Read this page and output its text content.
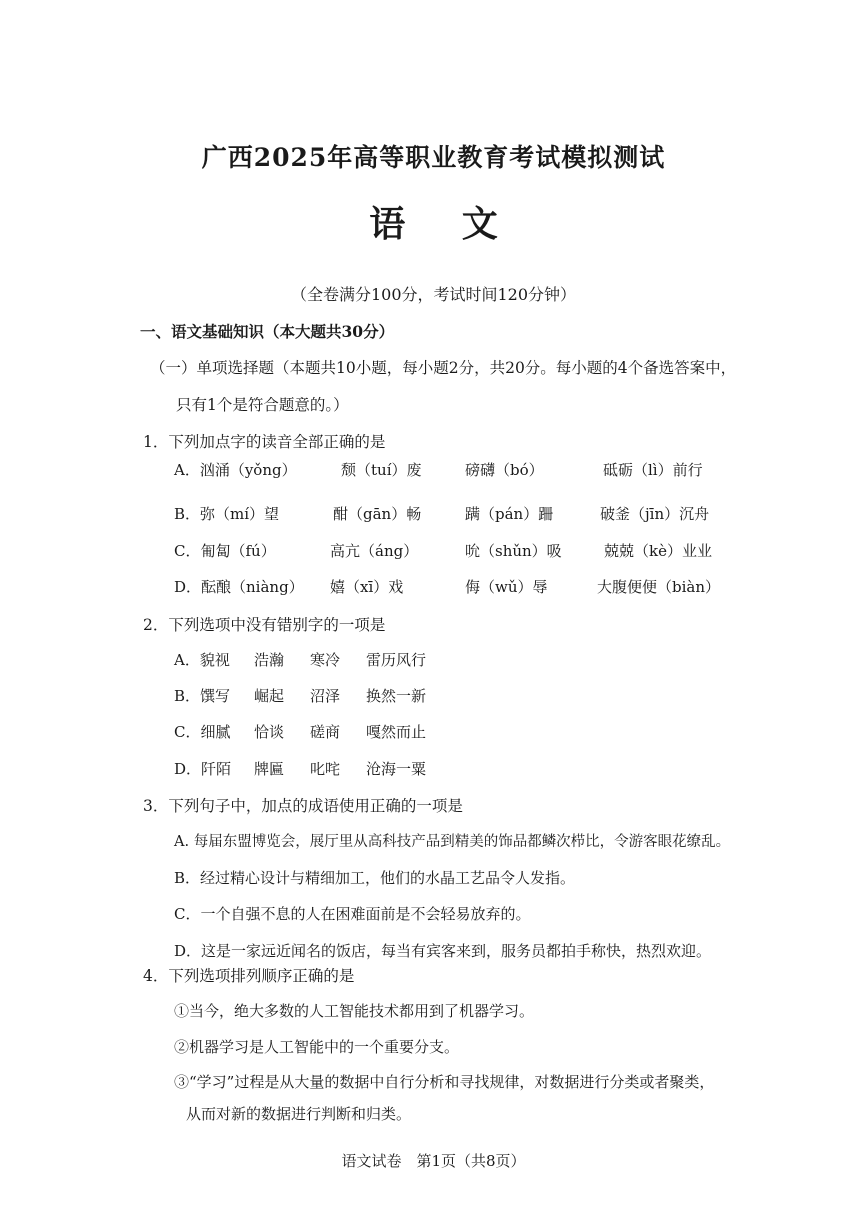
广西2025年高等职业教育考试模拟测试
语 文
（全卷满分100分，考试时间120分钟）
一、语文基础知识（本大题共30分）
（一）单项选择题（本题共10小题，每小题2分，共20分。每小题的4个备选答案中，
只有1个是符合题意的。）
1．下列加点字的读音全部正确的是
A．汹涌（yǒng）	颓（tuí）废	磅礴（bó）	砥砺（lì）前行
B．弥（mí）望	酣（gān）畅	蹒（pán）跚	破釜（jīn）沉舟
C．匍匐（fú）	高亢（áng）	吮（shǔn）吸	兢兢（kè）业业
D．酝酿（niàng） 嬉（xī）戏	侮（wǔ）辱	大腹便便（biàn）
2．下列选项中没有错别字的一项是
A．貌视 浩瀚 寒冷 雷历风行
B．馔写 崛起 沼泽 换然一新
C．细腻 恰谈 磋商 嘎然而止
D．阡陌 牌匾 叱咤 沧海一粟
3．下列句子中，加点的成语使用正确的一项是
A. 每届东盟博览会，展厅里从高科技产品到精美的饰品都鳞次栉比，令游客眼花缭乱。
B．经过精心设计与精细加工，他们的水晶工艺品令人发指。
C．一个自强不息的人在困难面前是不会轻易放弃的。
D．这是一家远近闻名的饭店，每当有宾客来到，服务员都拍手称快，热烈欢迎。
4．下列选项排列顺序正确的是
①当今，绝大多数的人工智能技术都用到了机器学习。
②机器学习是人工智能中的一个重要分支。
③“学习”过程是从大量的数据中自行分析和寻找规律，对数据进行分类或者聚类，
从而对新的数据进行判断和归类。
语文试卷　第1页（共8页）
